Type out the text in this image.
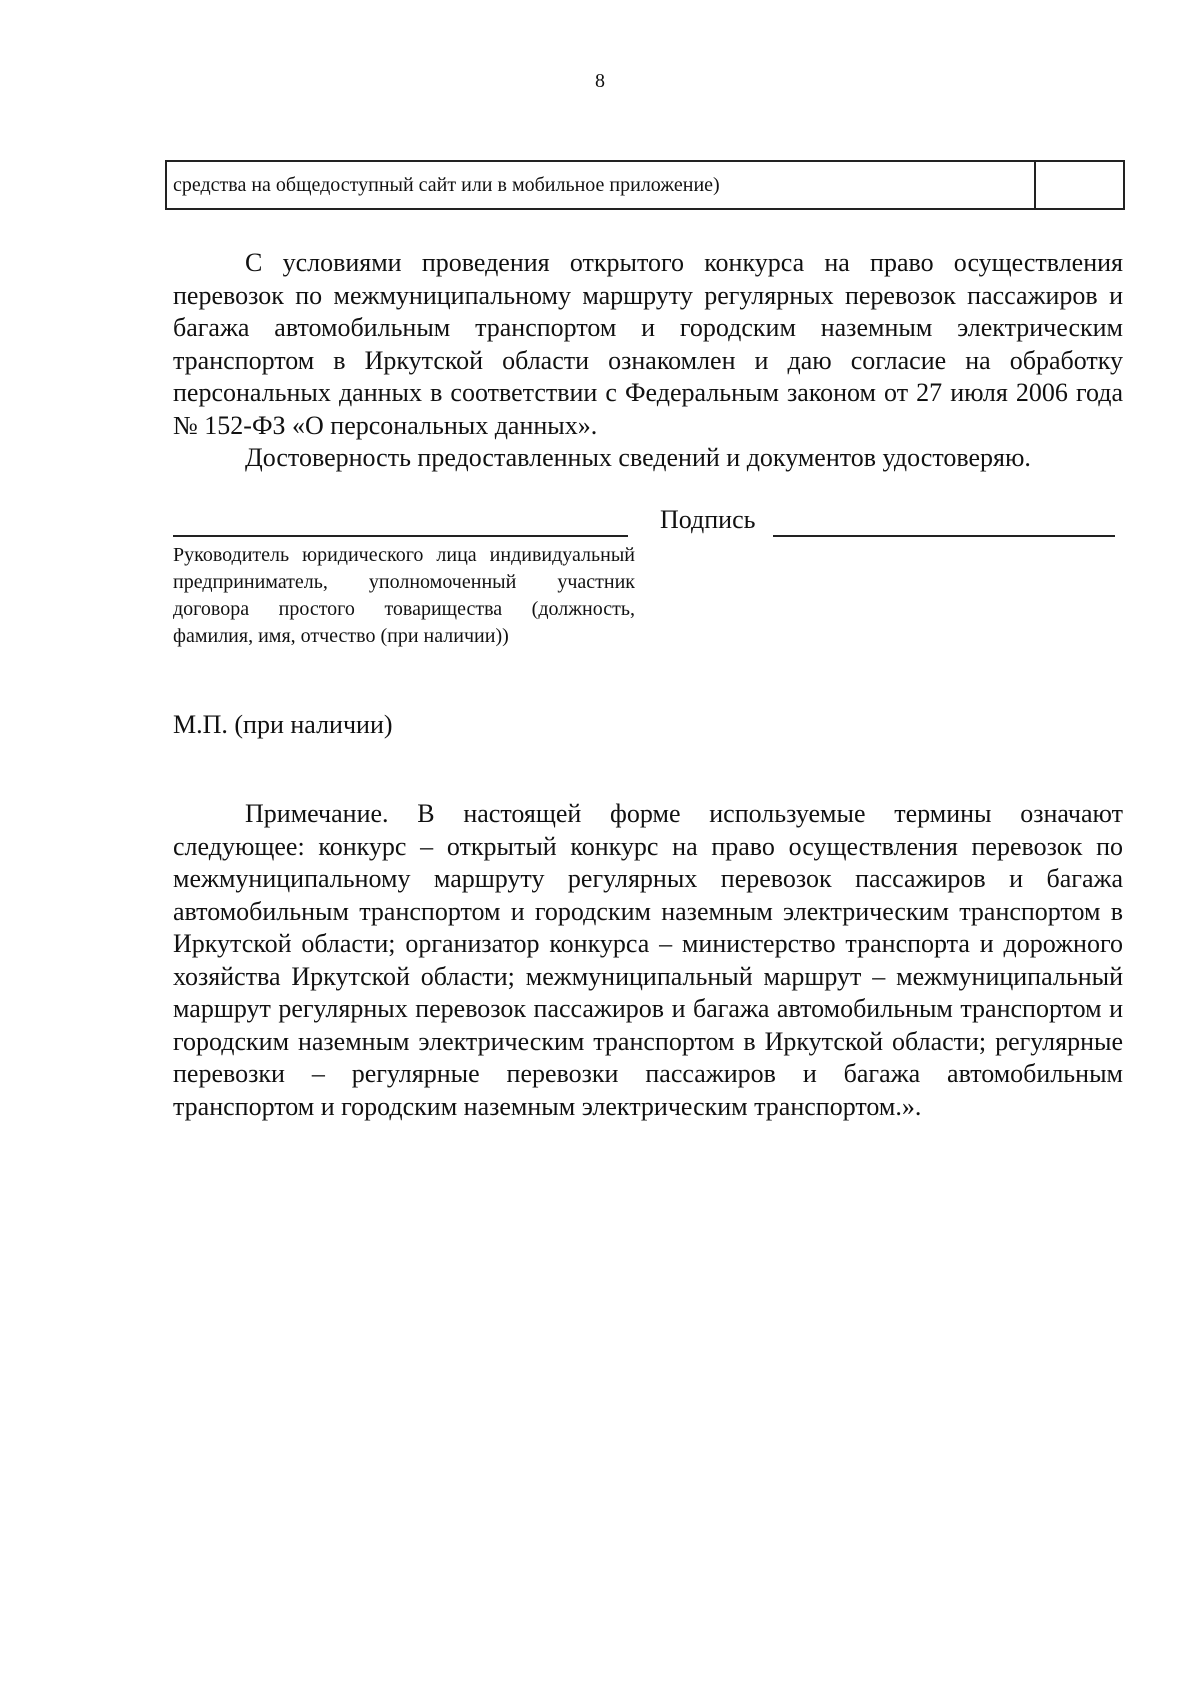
8
средства на общедоступный сайт или в мобильное приложение)

С условиями проведения открытого конкурса на право осуществления перевозок по межмуниципальному маршруту регулярных перевозок пассажиров и багажа автомобильным транспортом и городским наземным электрическим транспортом в Иркутской области ознакомлен и даю согласие на обработку персональных данных в соответствии с Федеральным законом от 27 июля 2006 года № 152-ФЗ «О персональных данных».

Достоверность предоставленных сведений и документов удостоверяю.

Подпись

Руководитель юридического лица индивидуальный предприниматель, уполномоченный участник договора простого товарищества (должность,
фамилия, имя, отчество (при наличии))

М.П. (при наличии)

Примечание. В настоящей форме используемые термины означают следующее: конкурс – открытый конкурс на право осуществления перевозок по межмуниципальному маршруту регулярных перевозок пассажиров и багажа автомобильным транспортом и городским наземным электрическим транспортом в Иркутской области; организатор конкурса – министерство транспорта и дорожного хозяйства Иркутской области; межмуниципальный маршрут – межмуниципальный маршрут регулярных перевозок пассажиров и багажа автомобильным транспортом и городским наземным электрическим транспортом в Иркутской области; регулярные перевозки – регулярные перевозки пассажиров и багажа автомобильным транспортом и городским наземным электрическим транспортом.».
